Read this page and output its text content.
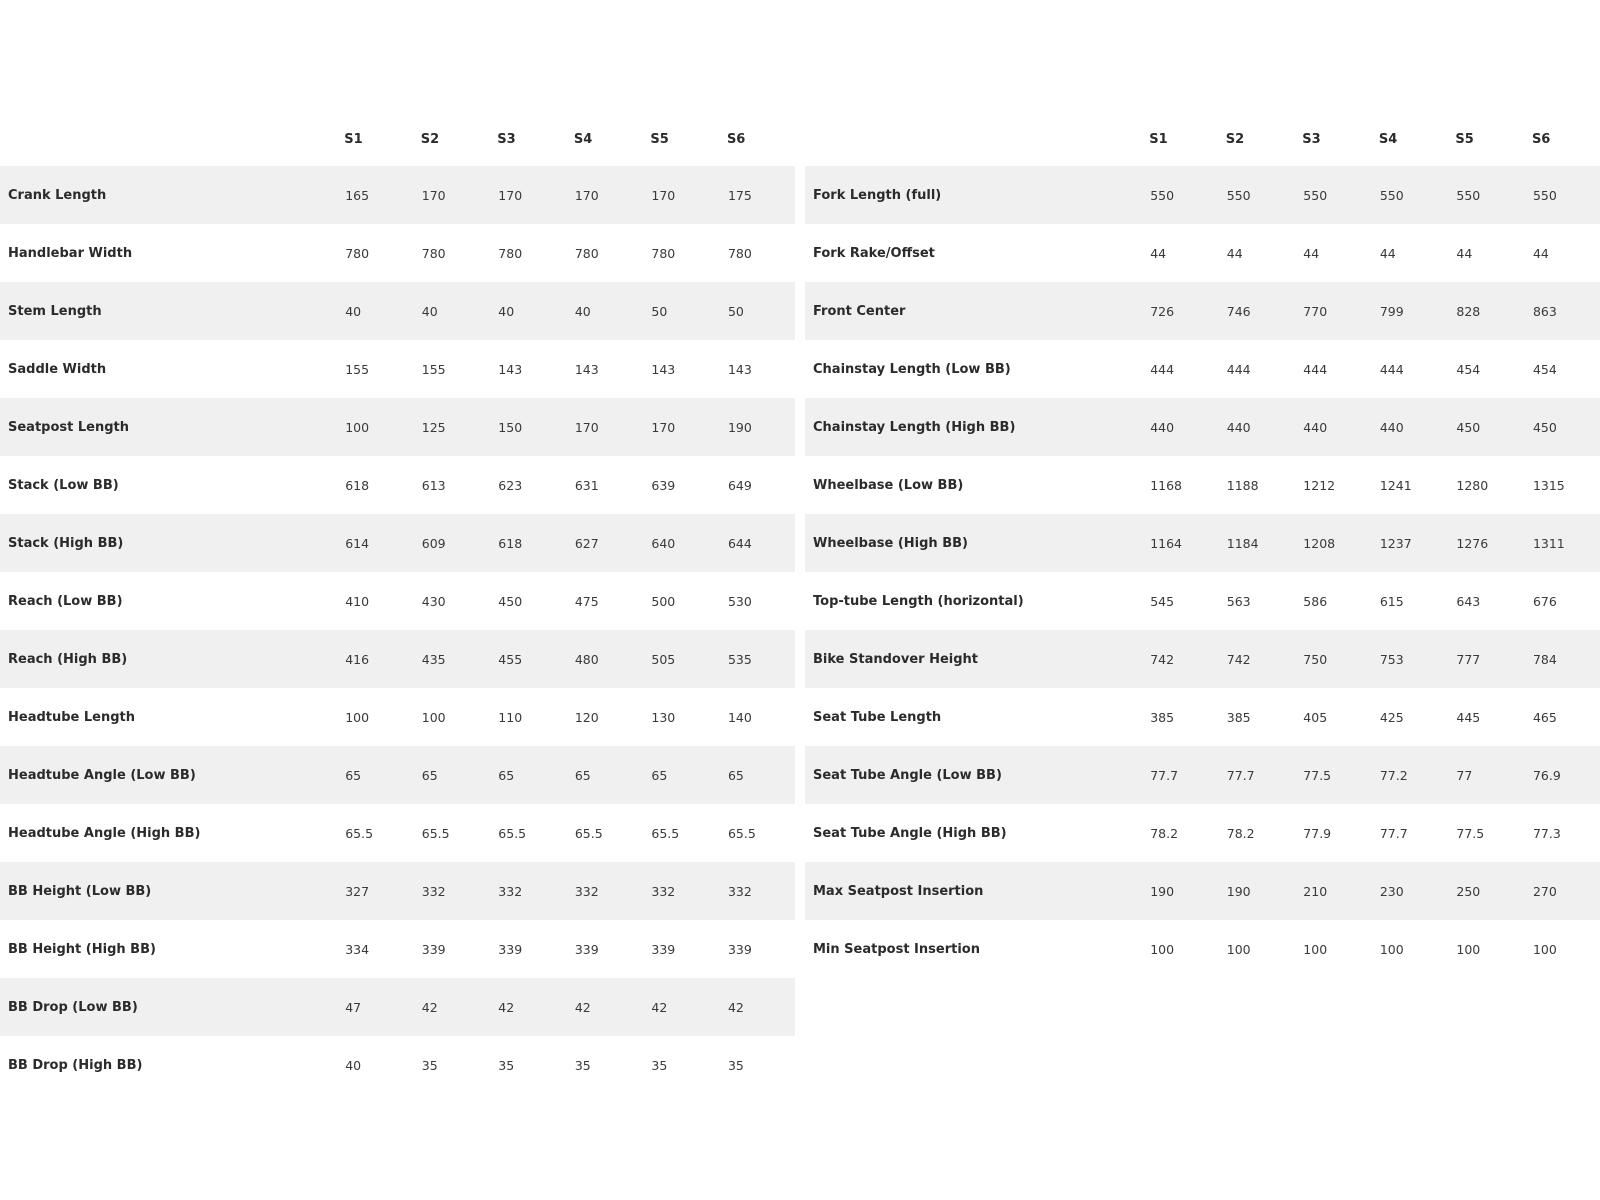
	S1	S2	S3	S4	S5	S6
Crank Length	165	170	170	170	170	175
Handlebar Width	780	780	780	780	780	780
Stem Length	40	40	40	40	50	50
Saddle Width	155	155	143	143	143	143
Seatpost Length	100	125	150	170	170	190
Stack (Low BB)	618	613	623	631	639	649
Stack (High BB)	614	609	618	627	640	644
Reach (Low BB)	410	430	450	475	500	530
Reach (High BB)	416	435	455	480	505	535
Headtube Length	100	100	110	120	130	140
Headtube Angle (Low BB)	65	65	65	65	65	65
Headtube Angle (High BB)	65.5	65.5	65.5	65.5	65.5	65.5
BB Height (Low BB)	327	332	332	332	332	332
BB Height (High BB)	334	339	339	339	339	339
BB Drop (Low BB)	47	42	42	42	42	42
BB Drop (High BB)	40	35	35	35	35	35
	S1	S2	S3	S4	S5	S6
Fork Length (full)	550	550	550	550	550	550
Fork Rake/Offset	44	44	44	44	44	44
Front Center	726	746	770	799	828	863
Chainstay Length (Low BB)	444	444	444	444	454	454
Chainstay Length (High BB)	440	440	440	440	450	450
Wheelbase (Low BB)	1168	1188	1212	1241	1280	1315
Wheelbase (High BB)	1164	1184	1208	1237	1276	1311
Top-tube Length (horizontal)	545	563	586	615	643	676
Bike Standover Height	742	742	750	753	777	784
Seat Tube Length	385	385	405	425	445	465
Seat Tube Angle (Low BB)	77.7	77.7	77.5	77.2	77	76.9
Seat Tube Angle (High BB)	78.2	78.2	77.9	77.7	77.5	77.3
Max Seatpost Insertion	190	190	210	230	250	270
Min Seatpost Insertion	100	100	100	100	100	100
